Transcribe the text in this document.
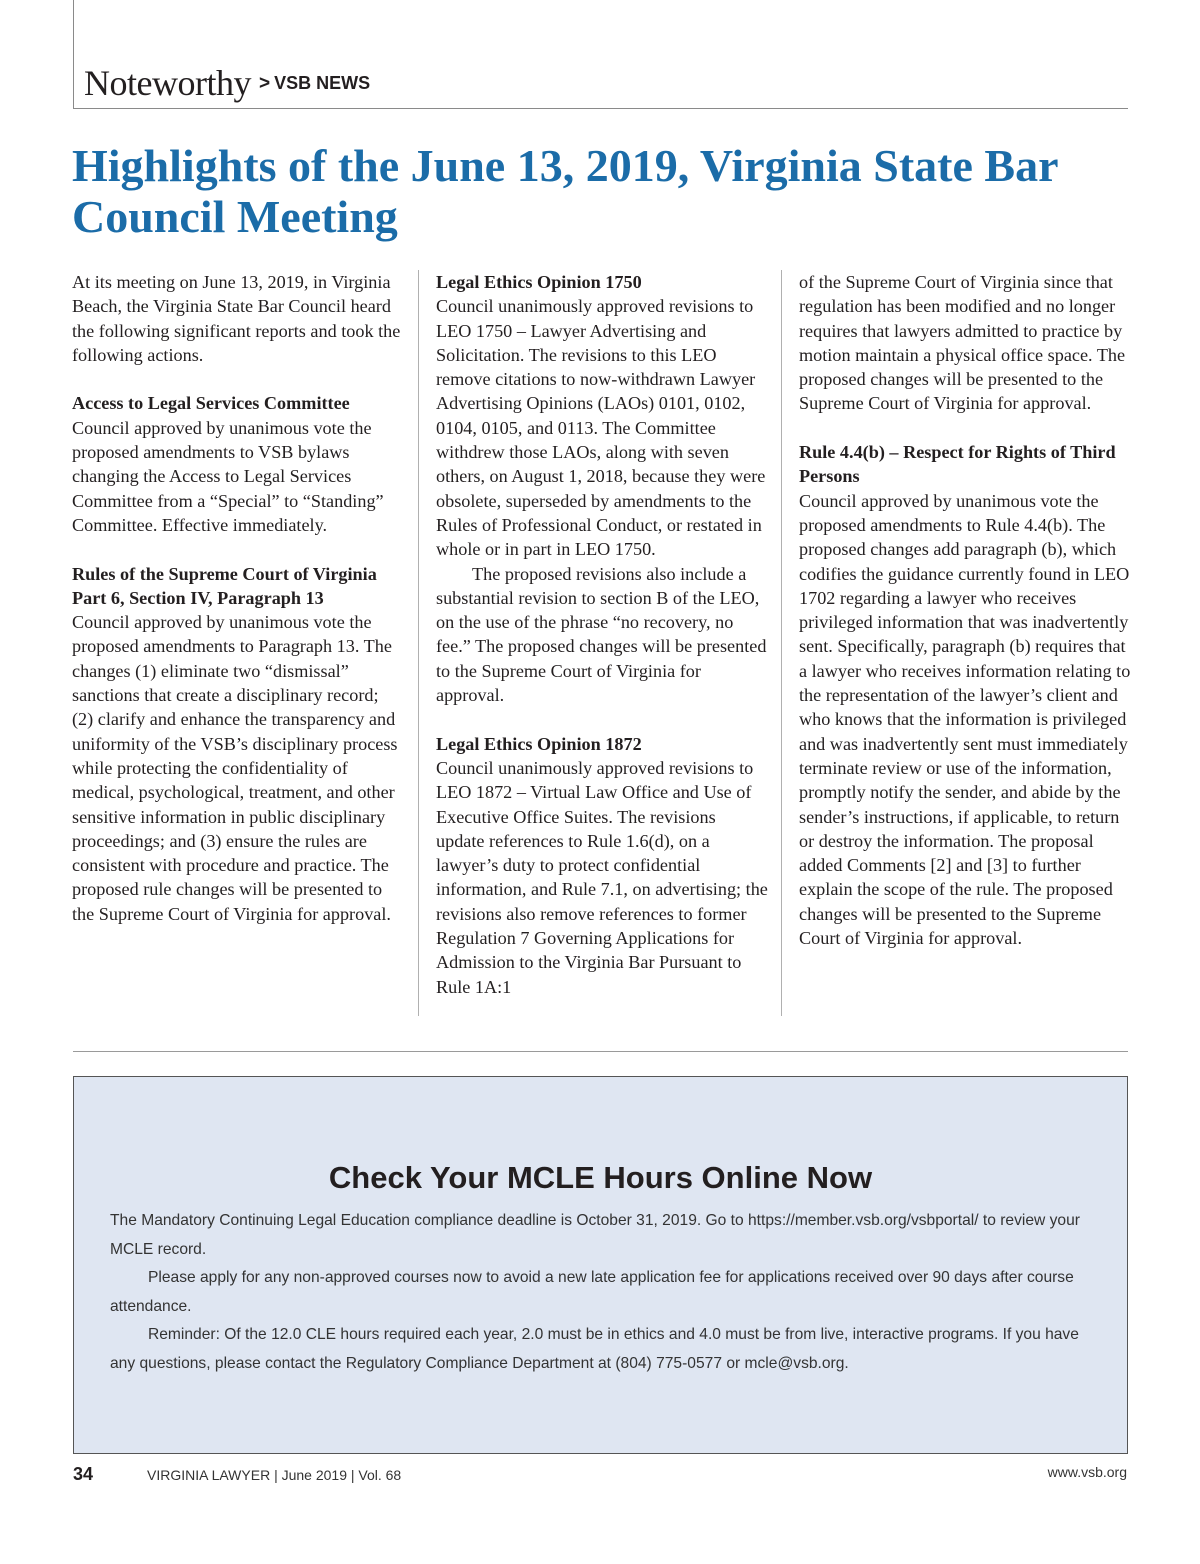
Noteworthy > VSB NEWS
Highlights of the June 13, 2019, Virginia State Bar Council Meeting

At its meeting on June 13, 2019, in Virginia Beach, the Virginia State Bar Council heard the following significant reports and took the following actions.

Access to Legal Services Committee

Council approved by unanimous vote the proposed amendments to VSB bylaws changing the Access to Legal Services Committee from a “Special” to “Standing” Committee. Effective immediately.

Rules of the Supreme Court of Virginia Part 6, Section IV, Paragraph 13

Council approved by unanimous vote the proposed amendments to Paragraph 13. The changes (1) eliminate two “dismissal” sanctions that create a disciplinary record; (2) clarify and enhance the transparency and uniformity of the VSB’s disciplinary process while protecting the confidentiality of medical, psychological, treatment, and other sensitive information in public disciplinary proceedings; and (3) ensure the rules are consistent with procedure and practice. The proposed rule changes will be presented to the Supreme Court of Virginia for approval.

Legal Ethics Opinion 1750

Council unanimously approved revisions to LEO 1750 – Lawyer Advertising and Solicitation. The revisions to this LEO remove citations to now-withdrawn Lawyer Advertising Opinions (LAOs) 0101, 0102, 0104, 0105, and 0113. The Committee withdrew those LAOs, along with seven others, on August 1, 2018, because they were obsolete, superseded by amendments to the Rules of Professional Conduct, or restated in whole or in part in LEO 1750.

The proposed revisions also include a substantial revision to section B of the LEO, on the use of the phrase “no recovery, no fee.” The proposed changes will be presented to the Supreme Court of Virginia for approval.

Legal Ethics Opinion 1872

Council unanimously approved revisions to LEO 1872 – Virtual Law Office and Use of Executive Office Suites. The revisions update references to Rule 1.6(d), on a lawyer’s duty to protect confidential information, and Rule 7.1, on advertising; the revisions also remove references to former Regulation 7 Governing Applications for Admission to the Virginia Bar Pursuant to Rule 1A:1

of the Supreme Court of Virginia since that regulation has been modified and no longer requires that lawyers admitted to practice by motion maintain a physical office space. The proposed changes will be presented to the Supreme Court of Virginia for approval.

Rule 4.4(b) – Respect for Rights of Third Persons

Council approved by unanimous vote the proposed amendments to Rule 4.4(b). The proposed changes add paragraph (b), which codifies the guidance currently found in LEO 1702 regarding a lawyer who receives privileged information that was inadvertently sent. Specifically, paragraph (b) requires that a lawyer who receives information relating to the representation of the lawyer’s client and who knows that the information is privileged and was inadvertently sent must immediately terminate review or use of the information, promptly notify the sender, and abide by the sender’s instructions, if applicable, to return or destroy the information. The proposal added Comments [2] and [3] to further explain the scope of the rule. The proposed changes will be presented to the Supreme Court of Virginia for approval.

Check Your MCLE Hours Online Now

The Mandatory Continuing Legal Education compliance deadline is October 31, 2019. Go to https://member.vsb.org/vsbportal/ to review your MCLE record.

Please apply for any non-approved courses now to avoid a new late application fee for applications received over 90 days after course attendance.

Reminder: Of the 12.0 CLE hours required each year, 2.0 must be in ethics and 4.0 must be from live, interactive programs. If you have any questions, please contact the Regulatory Compliance Department at (804) 775-0577 or mcle@vsb.org.

34	VIRGINIA LAWYER | June 2019 | Vol. 68	www.vsb.org
